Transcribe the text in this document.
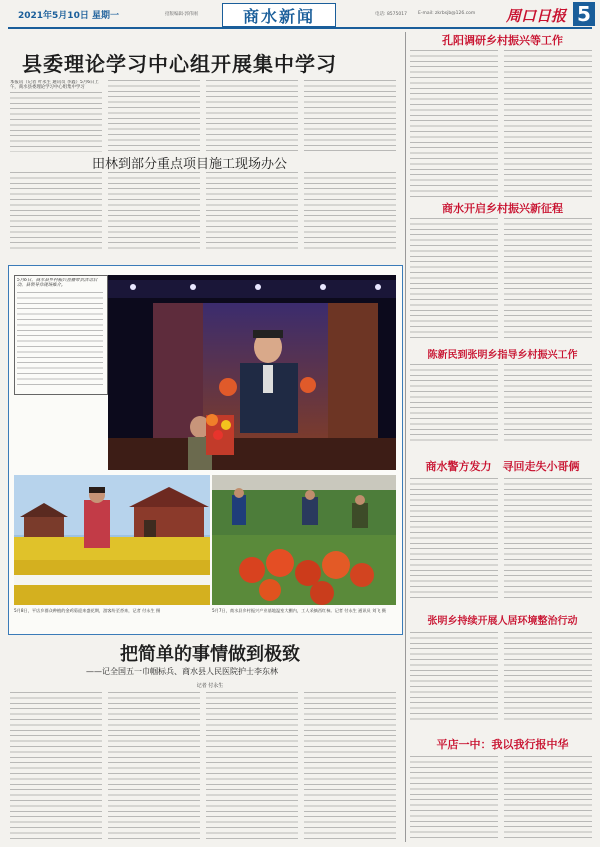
2021年5月10日 星期一	招版编辑·郭伟刚	商水新闻	电话: 8575017 E-mail: zkrbsjb@126.com 周口日报 5
县委理论学习中心组开展集中学习
本报讯（记者 叶永生 通讯员 李鑫）5月6日上午，商水县委理论学习中心组集中学习
田林到部分重点项目施工现场办公
5月6日，商水县乡村振兴直播带货活动启动，县领导作现场推介。
5月8日，平店乡群众种植的金鸡菊迎来盛花期，游客纷至沓来，记者 付永生 摄	5月7日，商水县乡村振兴产业基地温室大棚内，工人采摘西红柿。记者 付永生 通讯员 刘飞 摄
把简单的事情做到极致
——记全国五一巾帼标兵、商水县人民医院护士李东林
记者 付永生
孔阳调研乡村振兴等工作
商水开启乡村振兴新征程
陈新民到张明乡指导乡村振兴工作
商水警方发力　寻回走失小哥俩
张明乡持续开展人居环境整治行动
平店一中：我以我行报中华
